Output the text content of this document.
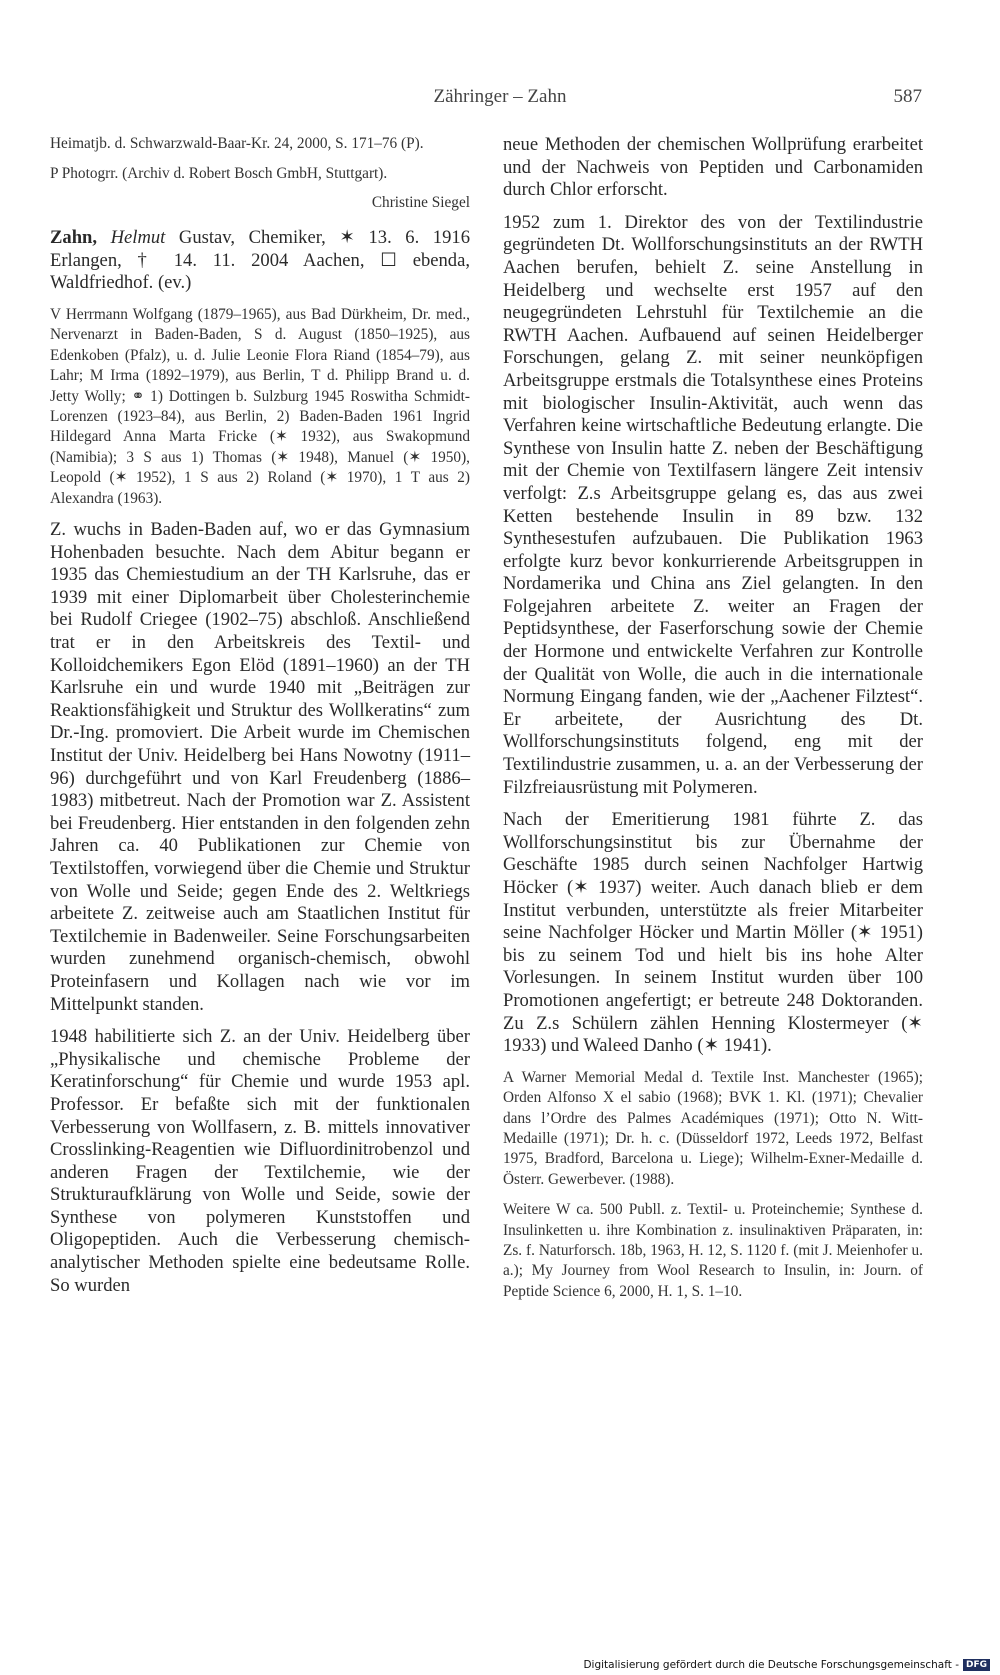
Zähringer – Zahn	587

Heimatjb. d. Schwarzwald-Baar-Kr. 24, 2000, S. 171–76 (P).

P Photogrr. (Archiv d. Robert Bosch GmbH, Stuttgart).

Christine Siegel

Zahn, Helmut Gustav, Chemiker, ✶ 13. 6. 1916 Erlangen, † 14. 11. 2004 Aachen, ☐ ebenda, Waldfriedhof. (ev.)

V Herrmann Wolfgang (1879–1965), aus Bad Dürkheim, Dr. med., Nervenarzt in Baden-Baden, S d. August (1850–1925), aus Edenkoben (Pfalz), u. d. Julie Leonie Flora Riand (1854–79), aus Lahr; M Irma (1892–1979), aus Berlin, T d. Philipp Brand u. d. Jetty Wolly; ⚭ 1) Dottingen b. Sulzburg 1945 Roswitha Schmidt-Lorenzen (1923–84), aus Berlin, 2) Baden-Baden 1961 Ingrid Hildegard Anna Marta Fricke (✶ 1932), aus Swakopmund (Namibia); 3 S aus 1) Thomas (✶ 1948), Manuel (✶ 1950), Leopold (✶ 1952), 1 S aus 2) Roland (✶ 1970), 1 T aus 2) Alexandra (1963).

Z. wuchs in Baden-Baden auf, wo er das Gymnasium Hohenbaden besuchte. Nach dem Abitur begann er 1935 das Chemiestudium an der TH Karlsruhe, das er 1939 mit einer Diplomarbeit über Cholesterinchemie bei Rudolf Criegee (1902–75) abschloß. Anschließend trat er in den Arbeitskreis des Textil- und Kolloidchemikers Egon Elöd (1891–1960) an der TH Karlsruhe ein und wurde 1940 mit „Beiträgen zur Reaktionsfähigkeit und Struktur des Wollkeratins“ zum Dr.-Ing. promoviert. Die Arbeit wurde im Chemischen Institut der Univ. Heidelberg bei Hans Nowotny (1911–96) durchgeführt und von Karl Freudenberg (1886–1983) mitbetreut. Nach der Promotion war Z. Assistent bei Freudenberg. Hier entstanden in den folgenden zehn Jahren ca. 40 Publikationen zur Chemie von Textilstoffen, vorwiegend über die Chemie und Struktur von Wolle und Seide; gegen Ende des 2. Weltkriegs arbeitete Z. zeitweise auch am Staatlichen Institut für Textilchemie in Badenweiler. Seine Forschungsarbeiten wurden zunehmend organisch-chemisch, obwohl Proteinfasern und Kollagen nach wie vor im Mittelpunkt standen.

1948 habilitierte sich Z. an der Univ. Heidelberg über „Physikalische und chemische Probleme der Keratinforschung“ für Chemie und wurde 1953 apl. Professor. Er befaßte sich mit der funktionalen Verbesserung von Wollfasern, z. B. mittels innovativer Crosslinking-Reagentien wie Difluordinitrobenzol und anderen Fragen der Textilchemie, wie der Strukturaufklärung von Wolle und Seide, sowie der Synthese von polymeren Kunststoffen und Oligopeptiden. Auch die Verbesserung chemisch-analytischer Methoden spielte eine bedeutsame Rolle. So wurden

neue Methoden der chemischen Wollprüfung erarbeitet und der Nachweis von Peptiden und Carbonamiden durch Chlor erforscht.

1952 zum 1. Direktor des von der Textilindustrie gegründeten Dt. Wollforschungsinstituts an der RWTH Aachen berufen, behielt Z. seine Anstellung in Heidelberg und wechselte erst 1957 auf den neugegründeten Lehrstuhl für Textilchemie an die RWTH Aachen. Aufbauend auf seinen Heidelberger Forschungen, gelang Z. mit seiner neunköpfigen Arbeitsgruppe erstmals die Totalsynthese eines Proteins mit biologischer Insulin-Aktivität, auch wenn das Verfahren keine wirtschaftliche Bedeutung erlangte. Die Synthese von Insulin hatte Z. neben der Beschäftigung mit der Chemie von Textilfasern längere Zeit intensiv verfolgt: Z.s Arbeitsgruppe gelang es, das aus zwei Ketten bestehende Insulin in 89 bzw. 132 Synthesestufen aufzubauen. Die Publikation 1963 erfolgte kurz bevor konkurrierende Arbeitsgruppen in Nordamerika und China ans Ziel gelangten. In den Folgejahren arbeitete Z. weiter an Fragen der Peptidsynthese, der Faserforschung sowie der Chemie der Hormone und entwickelte Verfahren zur Kontrolle der Qualität von Wolle, die auch in die internationale Normung Eingang fanden, wie der „Aachener Filztest“. Er arbeitete, der Ausrichtung des Dt. Wollforschungsinstituts folgend, eng mit der Textilindustrie zusammen, u. a. an der Verbesserung der Filzfreiausrüstung mit Polymeren.

Nach der Emeritierung 1981 führte Z. das Wollforschungsinstitut bis zur Übernahme der Geschäfte 1985 durch seinen Nachfolger Hartwig Höcker (✶ 1937) weiter. Auch danach blieb er dem Institut verbunden, unterstützte als freier Mitarbeiter seine Nachfolger Höcker und Martin Möller (✶ 1951) bis zu seinem Tod und hielt bis ins hohe Alter Vorlesungen. In seinem Institut wurden über 100 Promotionen angefertigt; er betreute 248 Doktoranden. Zu Z.s Schülern zählen Henning Klostermeyer (✶ 1933) und Waleed Danho (✶ 1941).

A Warner Memorial Medal d. Textile Inst. Manchester (1965); Orden Alfonso X el sabio (1968); BVK 1. Kl. (1971); Chevalier dans l’Ordre des Palmes Académiques (1971); Otto N. Witt-Medaille (1971); Dr. h. c. (Düsseldorf 1972, Leeds 1972, Belfast 1975, Bradford, Barcelona u. Liege); Wilhelm-Exner-Medaille d. Österr. Gewerbever. (1988).

Weitere W ca. 500 Publl. z. Textil- u. Proteinchemie; Synthese d. Insulinketten u. ihre Kombination z. insulinaktiven Präparaten, in: Zs. f. Naturforsch. 18b, 1963, H. 12, S. 1120 f. (mit J. Meienhofer u. a.); My Journey from Wool Research to Insulin, in: Journ. of Peptide Science 6, 2000, H. 1, S. 1–10.

Digitalisierung gefördert durch die Deutsche Forschungsgemeinschaft - DFG
